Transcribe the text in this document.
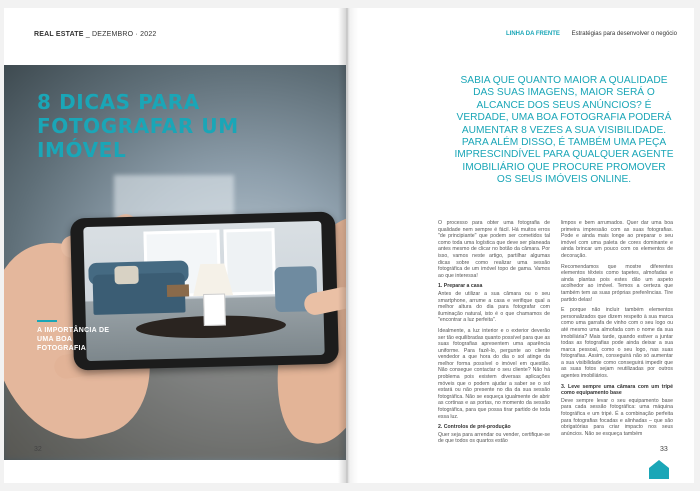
REAL ESTATE _ DEZEMBRO · 2022
8 DICAS PARA FOTOGRAFAR UM IMÓVEL
A IMPORTÂNCIA DE UMA BOA FOTOGRAFIA
32
LINHA DA FRENTE Estratégias para desenvolver o negócio
SABIA QUE QUANTO MAIOR A QUALIDADE DAS SUAS IMAGENS, MAIOR SERÁ O ALCANCE DOS SEUS ANÚNCIOS? É VERDADE, UMA BOA FOTOGRAFIA PODERÁ AUMENTAR 8 VEZES A SUA VISIBILIDADE. PARA ALÉM DISSO, É TAMBÉM UMA PEÇA IMPRESCINDÍVEL PARA QUALQUER AGENTE IMOBILIÁRIO QUE PROCURE PROMOVER OS SEUS IMÓVEIS ONLINE.

O processo para obter uma fotografia de qualidade nem sempre é fácil. Há muitos erros "de principiante" que podem ser cometidos tal como toda uma logística que deve ser planeada antes mesmo de clicar no botão da câmara. Por isso, vamos neste artigo, partilhar algumas dicas sobre como realizar uma sessão fotográfica de um imóvel topo de gama. Vamos ao que interessa!

1. Preparar a casa

Antes de utilizar a sua câmara ou o seu smartphone, arrume a casa e verifique qual a melhor altura do dia para fotografar com iluminação natural, isto é o que chamamos de "encontrar a luz perfeita".

Idealmente, a luz interior e o exterior deverão ser tão equilibradas quanto possível para que as suas fotografias apresentem uma aparência uniforme. Para fazê-lo, pergunte ao cliente vendedor a que hora do dia o sol atinge da melhor forma possível o imóvel em questão. Não consegue contactar o seu cliente? Não há problema pois existem diversas aplicações móveis que o podem ajudar a saber se o sol estará ou não presente no dia da sua sessão fotográfica. Não se esqueça igualmente de abrir as cortinas e as portas, no momento da sessão fotográfica, para que possa tirar partido de toda essa luz.

2. Controlos de pré-produção

Quer seja para arrendar ou vender, certifique-se de que todos os quartos estão

limpos e bem arrumados. Quer dar uma boa primeira impressão com as suas fotografias. Pode e ainda mais longe ao preparar o seu imóvel com uma paleta de cores dominante e ainda brincar um pouco com os elementos de decoração.

Recomendamos que mostre diferentes elementos têxteis como tapetes, almofadas e ainda plantas pois estes dão um aspeto acolhedor ao imóvel. Temos a certeza que também tem as suas próprias preferências. Tire partido delas!

E porque não incluir também elementos personalizados que dizem respeito à sua marca como uma garrafa de vinho com o seu logo ou até mesmo uma almofada com o nome da sua imobiliária? Mais tarde, quando estiver a juntar todas as fotografias pode ainda deixar a sua marca pessoal, como o seu logo, nas suas fotografias. Assim, conseguirá não só aumentar a sua visibilidade como conseguirá impedir que as suas fotos sejam reutilizadas por outros agentes imobiliários.

3. Leve sempre uma câmara com um tripé como equipamento base

Deve sempre levar o seu equipamento base para cada sessão fotográfica: uma máquina fotográfica e um tripé. É a combinação perfeita para fotografias focadas e alinhadas – que são obrigatórias para criar impacto nos seus anúncios. Não se esqueça também

33
